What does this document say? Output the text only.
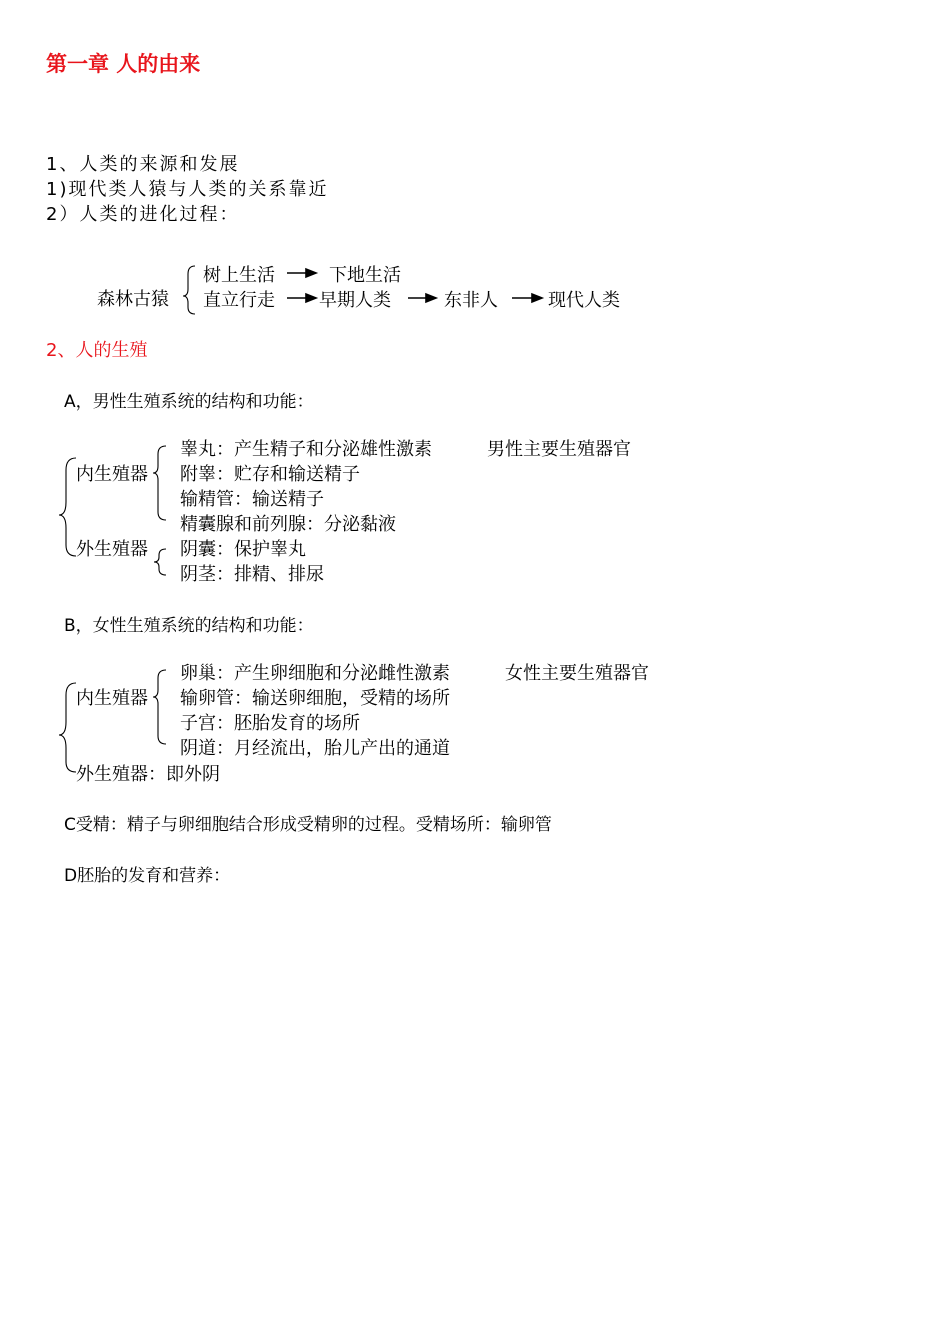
第一章 人的由来
1、人类的来源和发展
1)现代类人猿与人类的关系靠近
2）人类的进化过程：
森林古猿
树上生活	下地生活
直立行走 早期人类	东非人	现代人类
2、人的生殖
A，男性生殖系统的结构和功能：
内生殖器
外生殖器
睾丸：产生精子和分泌雄性激素	男性主要生殖器官
附睾：贮存和输送精子
输精管：输送精子
精囊腺和前列腺：分泌黏液
阴囊：保护睾丸
阴茎：排精、排尿
B，女性生殖系统的结构和功能：
内生殖器
卵巢：产生卵细胞和分泌雌性激素	女性主要生殖器官
输卵管：输送卵细胞，受精的场所
子宫：胚胎发育的场所
阴道：月经流出，胎儿产出的通道
外生殖器：即外阴
C受精：精子与卵细胞结合形成受精卵的过程。受精场所：输卵管
D胚胎的发育和营养：
